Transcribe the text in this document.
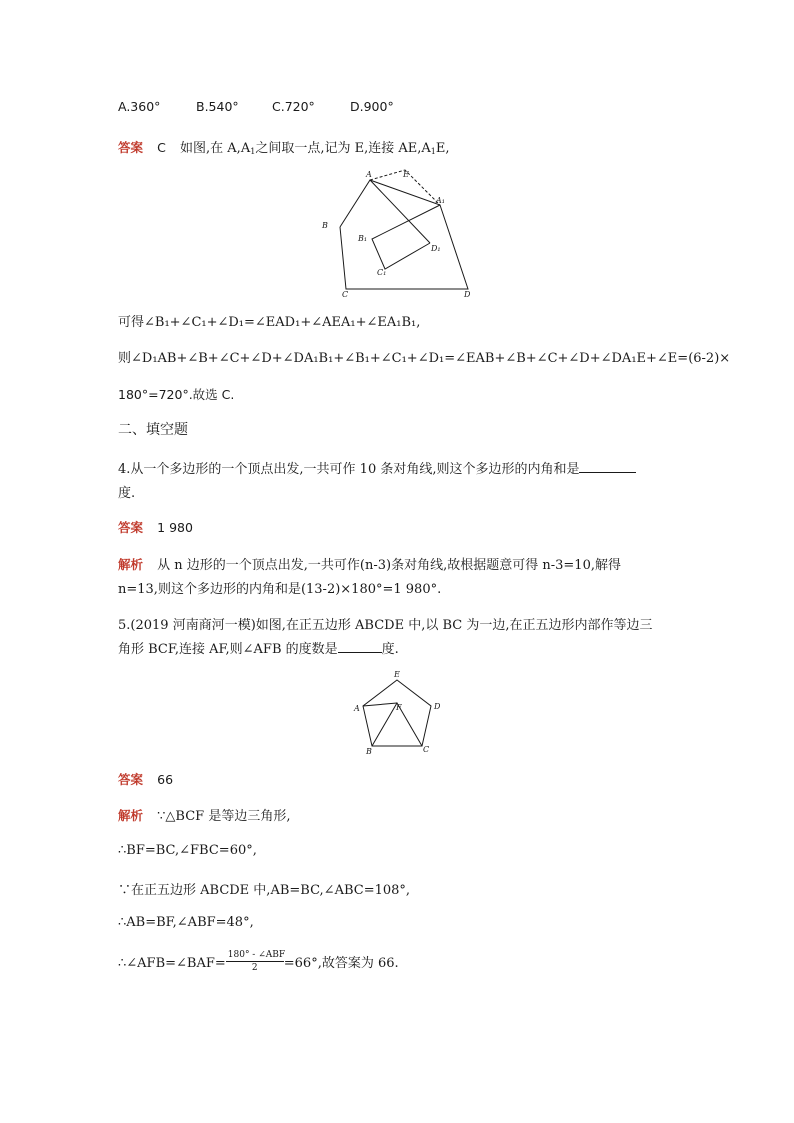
A.360°	B.540°	C.720°	D.900°
答案 C 如图,在 $A,A_1$之间取一点,记为 E,连接 $AE,A_1E$,
A	E
A₁
B
B₁
D₁
C₁
C	D
可得∠B₁+∠C₁+∠D₁=∠EAD₁+∠AEA₁+∠EA₁B₁,
则∠D₁AB+∠B+∠C+∠D+∠DA₁B₁+∠B₁+∠C₁+∠D₁=∠EAB+∠B+∠C+∠D+∠DA₁E+∠E=(6-2)×
180°=720°.故选 C.
二、填空题
4.从一个多边形的一个顶点出发,一共可作 10 条对角线,则这个多边形的内角和是
度.
答案 1 980
解析 从 n 边形的一个顶点出发,一共可作(n-3)条对角线,故根据题意可得 n-3=10,解得
n=13,则这个多边形的内角和是(13-2)×180°=1 980°.
5.(2019 河南商河一模)如图,在正五边形 ABCDE 中,以 BC 为一边,在正五边形内部作等边三
角形 BCF,连接 AF,则∠AFB 的度数是	度.
E
A	F	D
B	C
答案 66
解析 ∵△BCF 是等边三角形,
∴BF=BC,∠FBC=60°,
∵在正五边形 ABCDE 中,AB=BC,∠ABC=108°,
∴AB=BF,∠ABF=48°,
∴∠AFB=∠BAF= $\frac{\text{180° - ∠ABF}}{2} =66^\circ$,故答案为 66.
